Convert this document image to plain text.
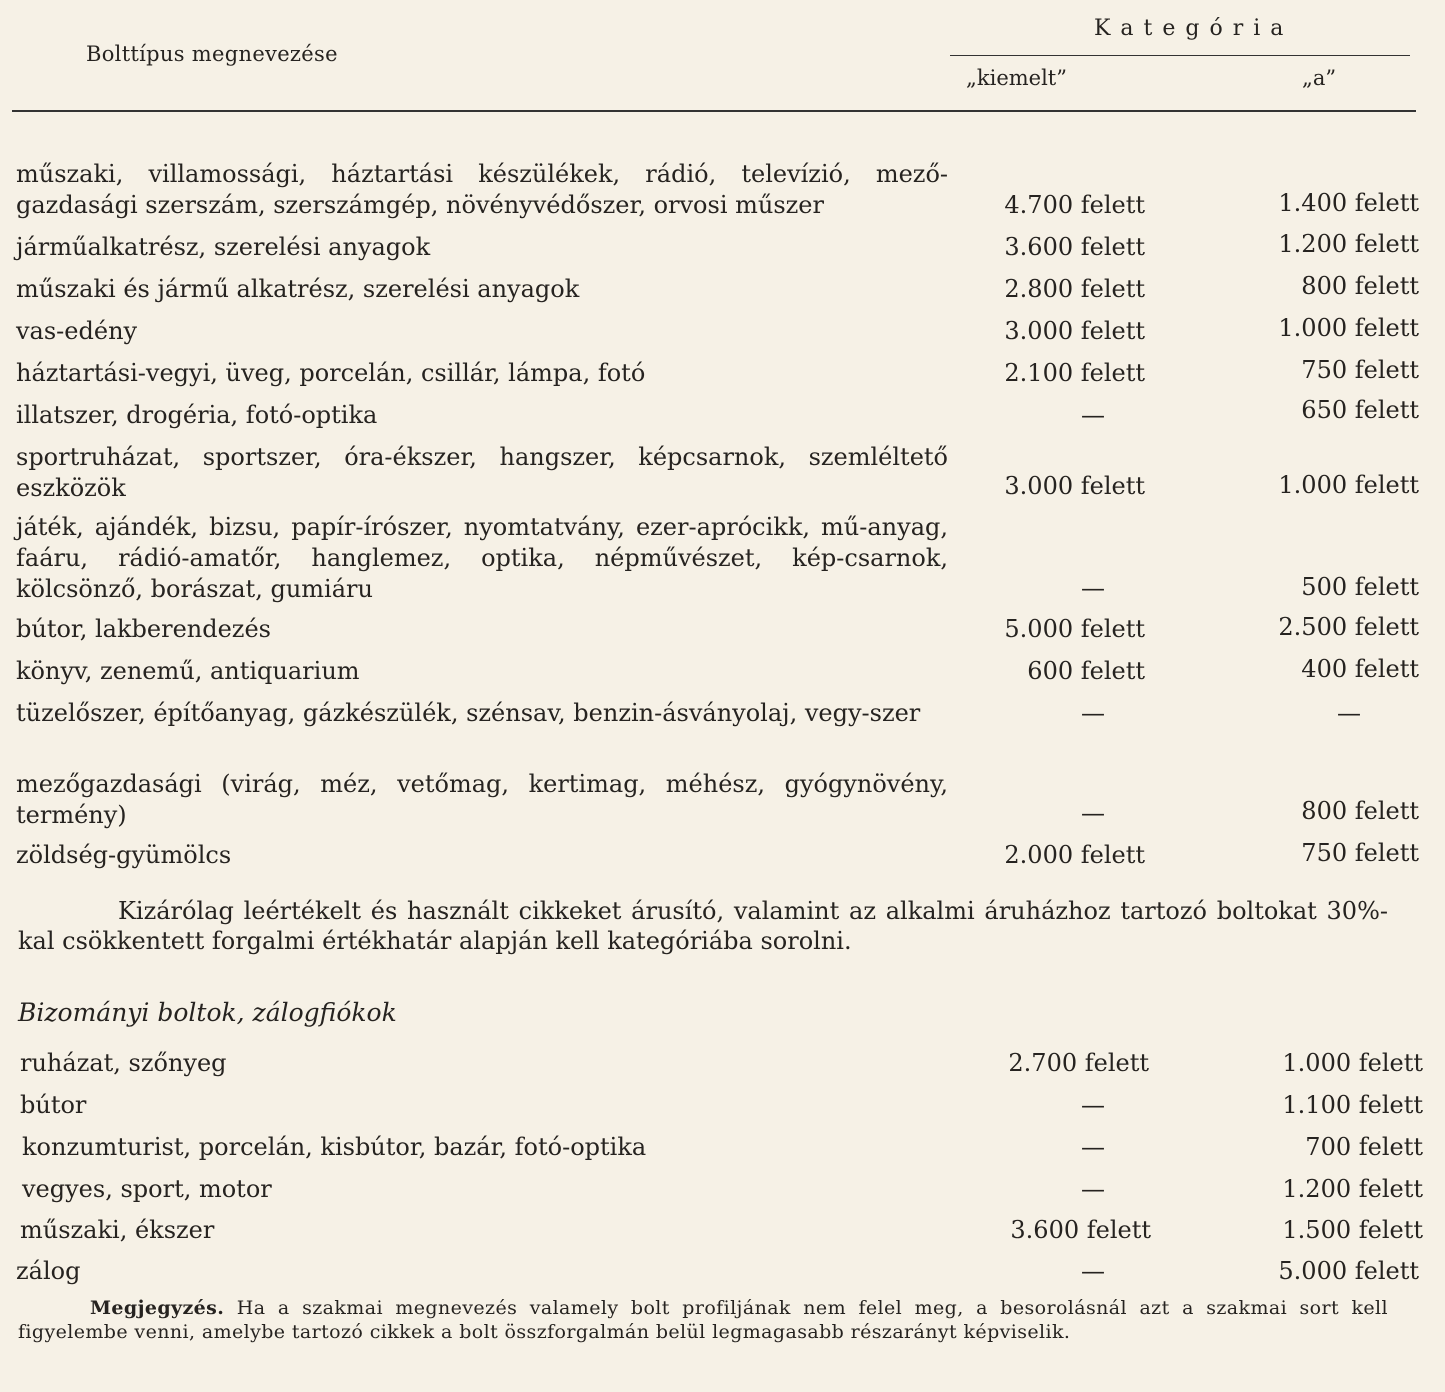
Bolttípus megnevezése
Kategória
„kiemelt”	„a”
műszaki, villamossági, háztartási készülékek, rádió, televízió, mező-gazdasági szerszám, szerszámgép, növényvédőszer, orvosi műszer	4.700 felett	1.400 felett
járműalkatrész, szerelési anyagok	3.600 felett	1.200 felett
műszaki és jármű alkatrész, szerelési anyagok	2.800 felett	800 felett
vas-edény	3.000 felett	1.000 felett
háztartási-vegyi, üveg, porcelán, csillár, lámpa, fotó	2.100 felett	750 felett
illatszer, drogéria, fotó-optika	—	650 felett
sportruházat, sportszer, óra-ékszer, hangszer, képcsarnok, szemléltető eszközök	3.000 felett	1.000 felett
játék, ajándék, bizsu, papír-írószer, nyomtatvány, ezer-aprócikk, mű-anyag, faáru, rádió-amatőr, hanglemez, optika, népművészet, kép-csarnok, kölcsönző, borászat, gumiáru	—	500 felett
bútor, lakberendezés	5.000 felett	2.500 felett
könyv, zenemű, antiquarium	600 felett	400 felett
tüzelőszer, építőanyag, gázkészülék, szénsav, benzin-ásványolaj, vegy-szer	—	—
mezőgazdasági (virág, méz, vetőmag, kertimag, méhész, gyógynövény, termény)	—	800 felett
zöldség-gyümölcs	2.000 felett	750 felett
Kizárólag leértékelt és használt cikkeket árusító, valamint az alkalmi áruházhoz tartozó boltokat 30%-kal csökkentett forgalmi értékhatár alapján kell kategóriába sorolni.
Bizományi boltok, zálogfiókok
ruházat, szőnyeg	2.700 felett	1.000 felett
bútor	—	1.100 felett
konzumturist, porcelán, kisbútor, bazár, fotó-optika	—	700 felett
vegyes, sport, motor	—	1.200 felett
műszaki, ékszer	3.600 felett	1.500 felett
zálog	—	5.000 felett
Megjegyzés. Ha a szakmai megnevezés valamely bolt profiljának nem felel meg, a besorolásnál azt a szakmai sort kell figyelembe venni, amelybe tartozó cikkek a bolt összforgalmán belül legmagasabb részarányt képviselik.
